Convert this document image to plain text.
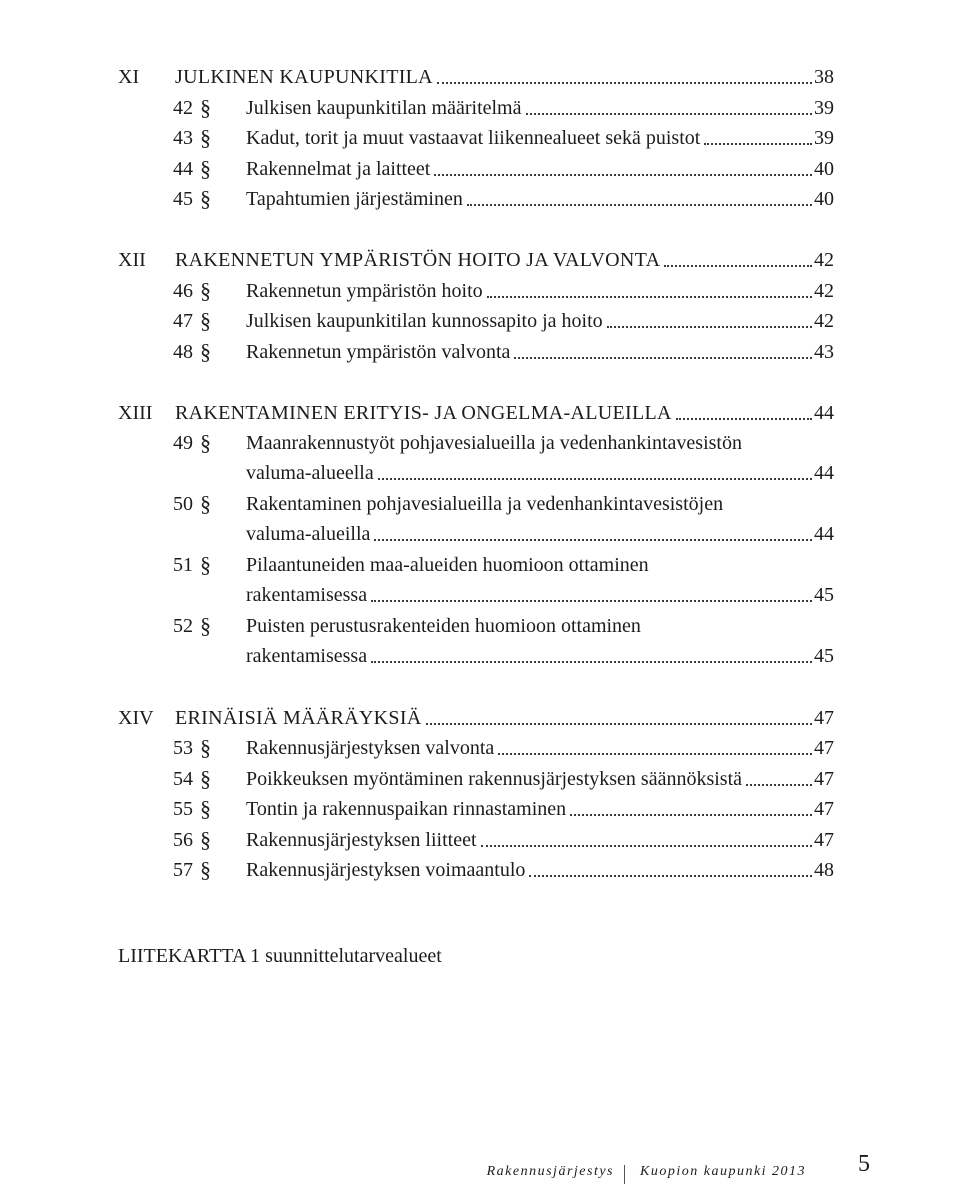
XI JULKINEN KAUPUNKITILA	38
42 § Julkisen kaupunkitilan määritelmä	39
43 § Kadut, torit ja muut vastaavat liikennealueet sekä puistot	39
44 § Rakennelmat ja laitteet	40
45 § Tapahtumien järjestäminen	40
XII RAKENNETUN YMPÄRISTÖN HOITO JA VALVONTA	42
46 § Rakennetun ympäristön hoito	42
47 § Julkisen kaupunkitilan kunnossapito ja hoito	42
48 § Rakennetun ympäristön valvonta	43
XIII RAKENTAMINEN ERITYIS- JA ONGELMA-ALUEILLA	44
49 § Maanrakennustyöt pohjavesialueilla ja vedenhankintavesistön
valuma-alueella	44
50 § Rakentaminen pohjavesialueilla ja vedenhankintavesistöjen
valuma-alueilla	44
51 § Pilaantuneiden maa-alueiden huomioon ottaminen
rakentamisessa	45
52 § Puisten perustusrakenteiden huomioon ottaminen
rakentamisessa	45
XIV ERINÄISIÄ MÄÄRÄYKSIÄ	47
53 § Rakennusjärjestyksen valvonta	47
54 § Poikkeuksen myöntäminen rakennusjärjestyksen säännöksistä	47
55 § Tontin ja rakennuspaikan rinnastaminen	47
56 § Rakennusjärjestyksen liitteet	47
57 § Rakennusjärjestyksen voimaantulo	48
LIITEKARTTA 1 suunnittelutarvealueet
Rakennusjärjestys Kuopion kaupunki 2013 5
